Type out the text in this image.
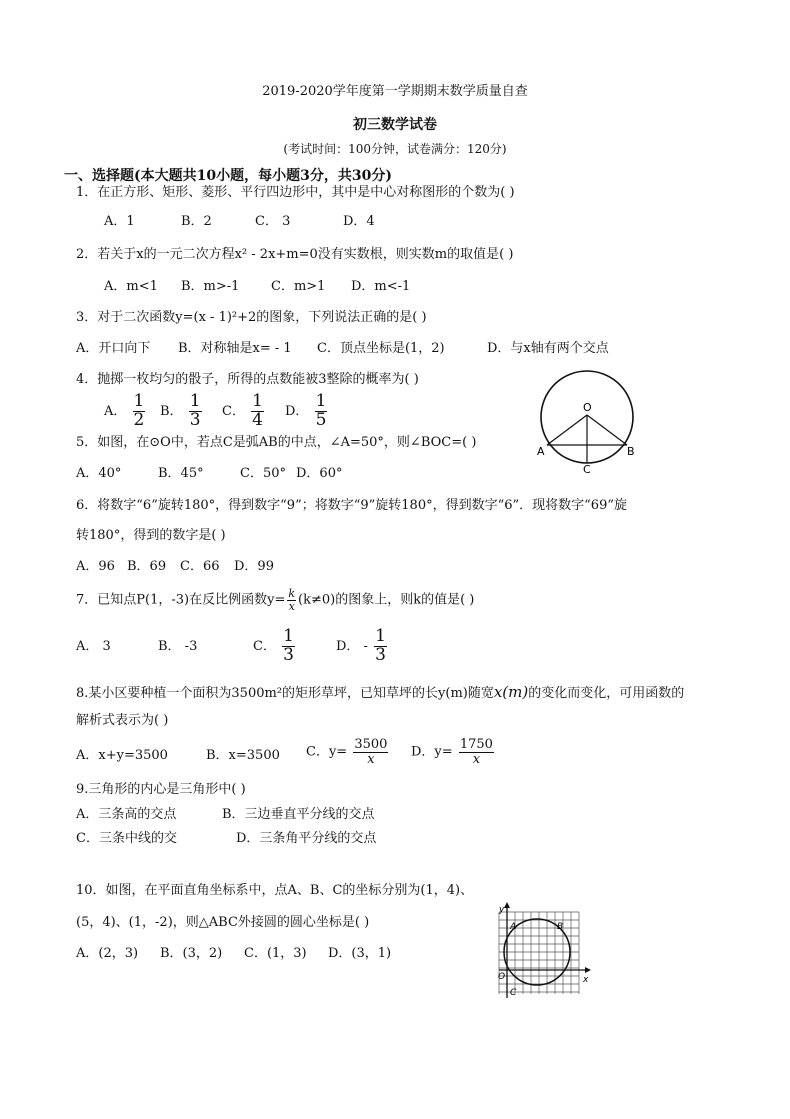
2019-2020学年度第一学期期末数学质量自查
初三数学试卷
(考试时间：100分钟，试卷满分：120分)
一、选择题(本大题共10小题，每小题3分，共30分)
1．在正方形、矩形、菱形、平行四边形中，其中是中心对称图形的个数为( )
A．1	B．2	C． 3	D．4
2．若关于x的一元二次方程x² - 2x+m=0没有实数根，则实数m的取值是( )
A．m<1 B．m>-1 C．m>1 D．m<-1
3．对于二次函数y=(x - 1)²+2的图象，下列说法正确的是( )
A．开口向下 B．对称轴是x= - 1 C．顶点坐标是(1，2)	D．与x轴有两个交点
4．抛掷一枚均匀的骰子，所得的点数能被3整除的概率为( )
A． $\frac{1}{2}$ B． $\frac{1}{3}$ C． $\frac{1}{4}$ D． $\frac{1}{5}$	O
A	B
C
5．如图，在⊙O中，若点C是弧AB的中点，∠A=50°，则∠BOC=( )
A．40°	B．45°	C．50° D．60°
6．将数字“6”旋转180°，得到数字“9”；将数字“9”旋转180°，得到数字“6”．现将数字“69”旋
转180°，得到的数字是( )
A．96 B．69 C．66 D．99
7．已知点P(1，-3)在反比例函数$y= \frac{k}{x} (k\ne 0)$的图象上，则k的值是( )
A． 3	B． -3	C． $\frac{1}{3}$	D． - $\frac{1}{3}$
8.某小区要种植一个面积为3500m²的矩形草坪，已知草坪的长y(m)随宽x(m)的变化而变化，可用函数的
解析式表示为( )
A．x+y=3500	B．x=3500 C．$y= \frac{3500}{x}$ D．$y= \frac{1750}{x}$
9.三角形的内心是三角形中( )
A．三条高的交点	B．三边垂直平分线的交点
C．三条中线的交	D．三条角平分线的交点
10．如图，在平面直角坐标系中，点A、B、C的坐标分别为(1，4)、
(5，4)、(1，-2)，则△ABC外接圆的圆心坐标是( )
A．(2，3) B．(3，2) C．(1，3) D．(3，1)
y
x
O
A	B
C
